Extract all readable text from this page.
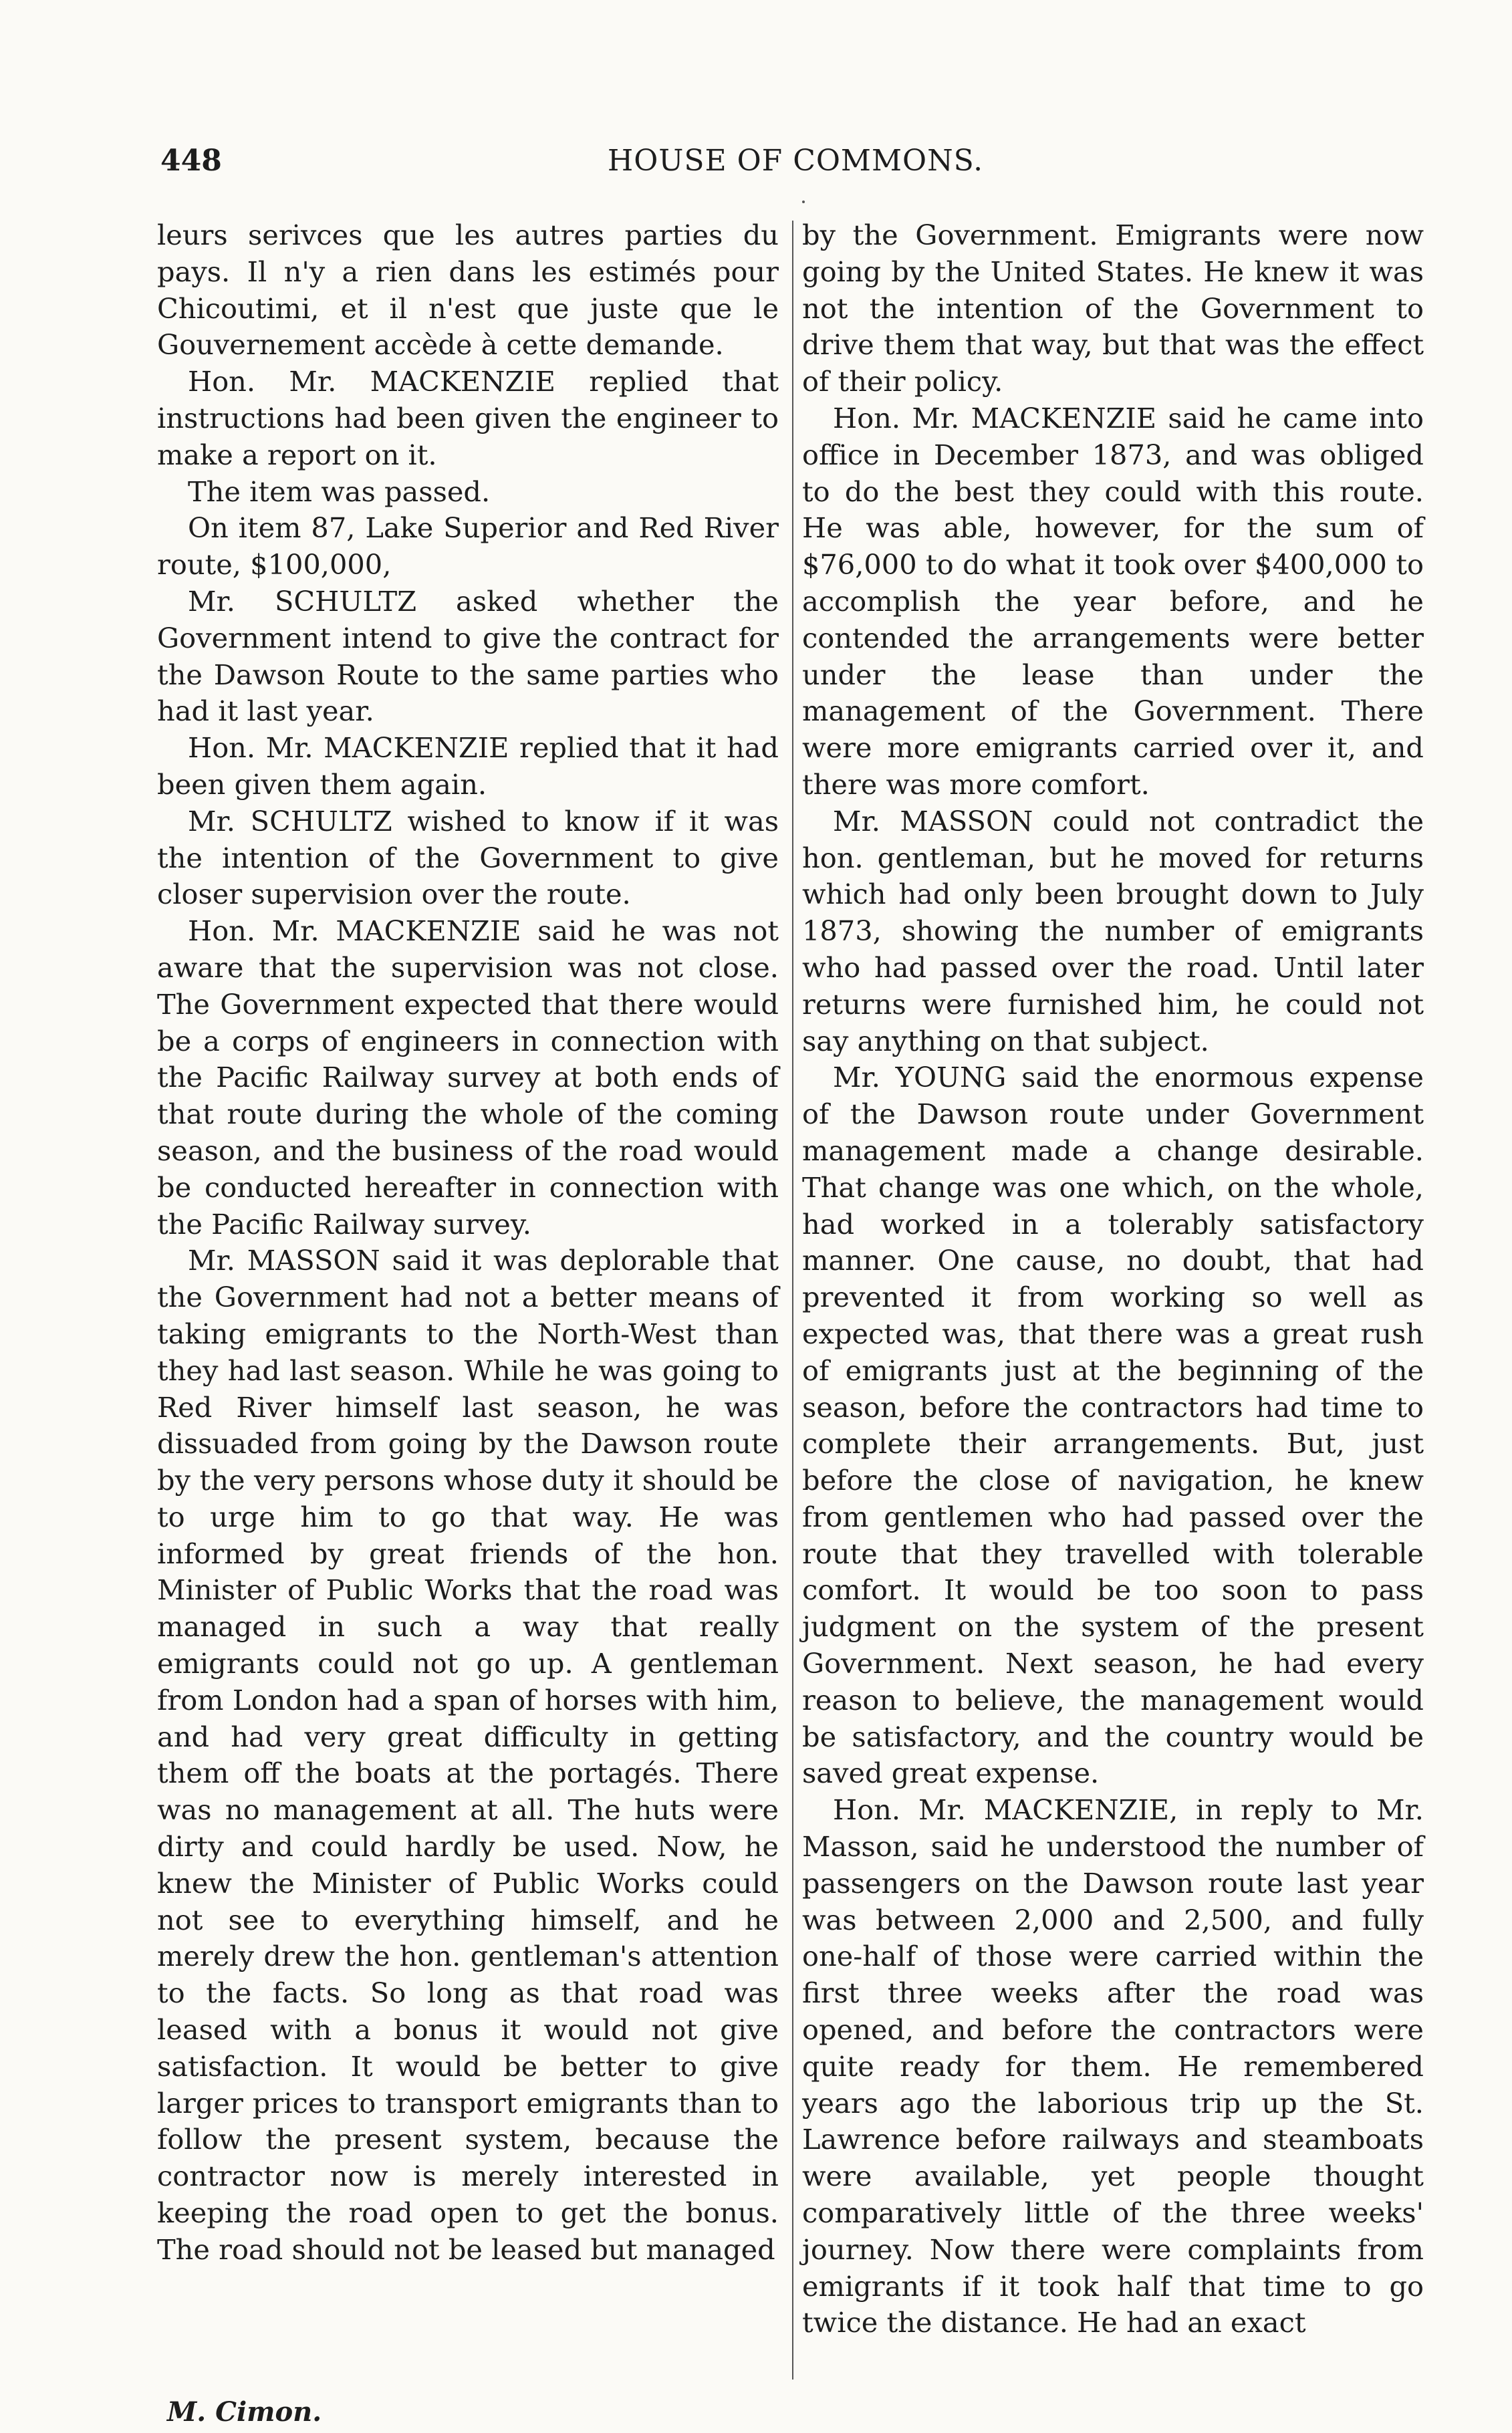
448	HOUSE OF COMMONS.

leurs serivces que les autres parties du pays. Il n'y a rien dans les estimés pour Chicoutimi, et il n'est que juste que le Gouvernement accède à cette demande.

Hon. Mr. MACKENZIE replied that instructions had been given the engineer to make a report on it.

The item was passed.

On item 87, Lake Superior and Red River route, $100,000,

Mr. SCHULTZ asked whether the Government intend to give the contract for the Dawson Route to the same parties who had it last year.

Hon. Mr. MACKENZIE replied that it had been given them again.

Mr. SCHULTZ wished to know if it was the intention of the Government to give closer supervision over the route.

Hon. Mr. MACKENZIE said he was not aware that the supervision was not close. The Government expected that there would be a corps of engineers in connection with the Pacific Railway survey at both ends of that route during the whole of the coming season, and the business of the road would be conducted hereafter in connection with the Pacific Railway survey.

Mr. MASSON said it was deplorable that the Government had not a better means of taking emigrants to the North-West than they had last season. While he was going to Red River himself last season, he was dissuaded from going by the Dawson route by the very persons whose duty it should be to urge him to go that way. He was informed by great friends of the hon. Minister of Public Works that the road was managed in such a way that really emigrants could not go up. A gentleman from London had a span of horses with him, and had very great difficulty in getting them off the boats at the portagés. There was no management at all. The huts were dirty and could hardly be used. Now, he knew the Minister of Public Works could not see to everything himself, and he merely drew the hon. gentleman's attention to the facts. So long as that road was leased with a bonus it would not give satisfaction. It would be better to give larger prices to transport emigrants than to follow the present system, because the contractor now is merely interested in keeping the road open to get the bonus. The road should not be leased but managed

by the Government. Emigrants were now going by the United States. He knew it was not the intention of the Government to drive them that way, but that was the effect of their policy.

Hon. Mr. MACKENZIE said he came into office in December 1873, and was obliged to do the best they could with this route. He was able, however, for the sum of $76,000 to do what it took over $400,000 to accomplish the year before, and he contended the arrangements were better under the lease than under the management of the Government. There were more emigrants carried over it, and there was more comfort.

Mr. MASSON could not contradict the hon. gentleman, but he moved for returns which had only been brought down to July 1873, showing the number of emigrants who had passed over the road. Until later returns were furnished him, he could not say anything on that subject.

Mr. YOUNG said the enormous expense of the Dawson route under Government management made a change desirable. That change was one which, on the whole, had worked in a tolerably satisfactory manner. One cause, no doubt, that had prevented it from working so well as expected was, that there was a great rush of emigrants just at the beginning of the season, before the contractors had time to complete their arrangements. But, just before the close of navigation, he knew from gentlemen who had passed over the route that they travelled with tolerable comfort. It would be too soon to pass judgment on the system of the present Government. Next season, he had every reason to believe, the management would be satisfactory, and the country would be saved great expense.

Hon. Mr. MACKENZIE, in reply to Mr. Masson, said he understood the number of passengers on the Dawson route last year was between 2,000 and 2,500, and fully one-half of those were carried within the first three weeks after the road was opened, and before the contractors were quite ready for them. He remembered years ago the laborious trip up the St. Lawrence before railways and steamboats were available, yet people thought comparatively little of the three weeks' journey. Now there were complaints from emigrants if it took half that time to go twice the distance. He had an exact

M. Cimon.
